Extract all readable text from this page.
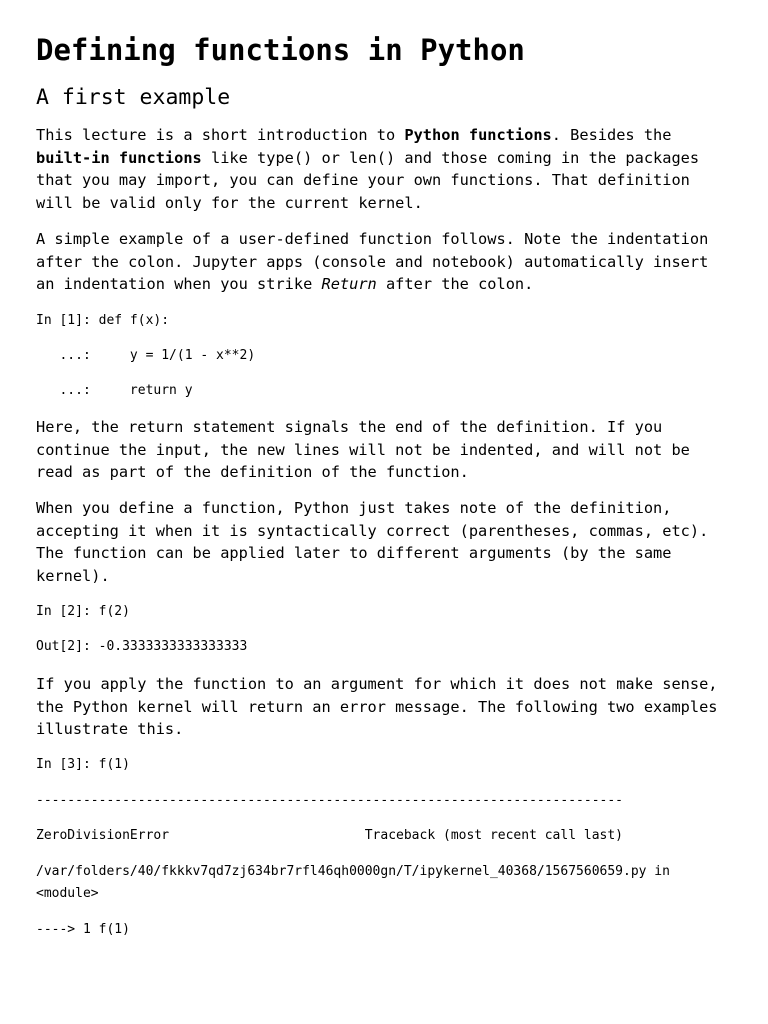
Defining functions in Python
A first example

This lecture is a short introduction to Python functions. Besides the
built-in functions like type() or len() and those coming in the packages
that you may import, you can define your own functions. That definition
will be valid only for the current kernel.

A simple example of a user-defined function follows. Note the indentation
after the colon. Jupyter apps (console and notebook) automatically insert
an indentation when you strike Return after the colon.

In [1]: def f(x):
...:     y = 1/(1 - x**2)
...:     return y

Here, the return statement signals the end of the definition. If you
continue the input, the new lines will not be indented, and will not be
read as part of the definition of the function.

When you define a function, Python just takes note of the definition,
accepting it when it is syntactically correct (parentheses, commas, etc).
The function can be applied later to different arguments (by the same
kernel).

In [2]: f(2)
Out[2]: -0.3333333333333333

If you apply the function to an argument for which it does not make sense,
the Python kernel will return an error message. The following two examples
illustrate this.

In [3]: f(1)
---------------------------------------------------------------------------
ZeroDivisionError                         Traceback (most recent call last)
/var/folders/40/fkkkv7qd7zj634br7rfl46qh0000gn/T/ipykernel_40368/1567560659.py in
<module>
----> 1 f(1)
